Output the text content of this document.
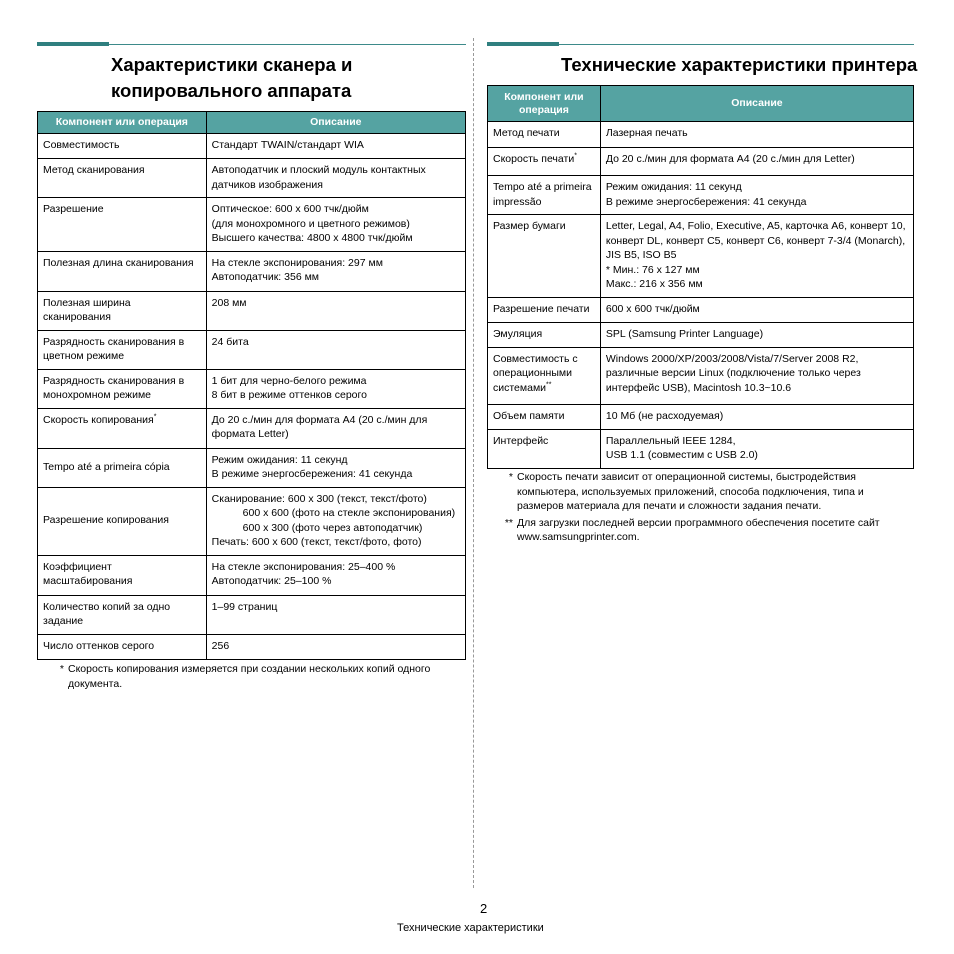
Характеристики сканера и копировального аппарата
Компонент или операция	Описание
Совместимость	Стандарт TWAIN/стандарт WIA

Метод сканирования	Автоподатчик и плоский модуль контактных датчиков изображения

Разрешение	Оптическое: 600 x 600 тчк/дюйм
(для монохромного и цветного режимов)
Высшего качества: 4800 x 4800 тчк/дюйм

Полезная длина сканирования	На стекле экспонирования: 297 мм
Автоподатчик: 356 мм

Полезная ширина сканирования	208 мм

Разрядность сканирования в цветном режиме	24 бита

Разрядность сканирования в монохромном режиме	1 бит для черно-белого режима
8 бит в режиме оттенков серого

Скорость копирования*	До 20 с./мин для формата A4 (20 с./мин для формата Letter)

Tempo até a primeira cópia	Режим ожидания: 11 секунд
В режиме энергосбережения: 41 секунда

Разрешение копирования	Сканирование: 600 x 300 (текст, текст/фото)
600 x 600 (фото на стекле экспонирования)
600 x 300 (фото через автоподатчик)
Печать: 600 x 600 (текст, текст/фото, фото)

Коэффициент масштабирования	На стекле экспонирования: 25–400 %
Автоподатчик: 25–100 %

Количество копий за одно задание	1–99 страниц

Число оттенков серого	256
* Скорость копирования измеряется при создании нескольких копий одного документа.
Технические характеристики принтера
Компонент или операция	Описание
Метод печати	Лазерная печать

Скорость печати*	До 20 с./мин для формата A4 (20 с./мин для Letter)

Tempo até a primeira impressão	Режим ожидания: 11 секунд
В режиме энергосбережения: 41 секунда

Размер бумаги	Letter, Legal, A4, Folio, Executive, A5, карточка A6, конверт 10, конверт DL, конверт C5, конверт C6, конверт 7-3/4 (Monarch), JIS B5, ISO B5
* Мин.: 76 x 127 мм
Макс.: 216 x 356 мм

Разрешение печати	600 x 600 тчк/дюйм

Эмуляция	SPL (Samsung Printer Language)

Совместимость с операционными системами**	Windows 2000/XP/2003/2008/Vista/7/Server 2008 R2, различные версии Linux (подключение только через интерфейс USB), Macintosh 10.3~10.6

Объем памяти	10 Мб (не расходуемая)

Интерфейс	Параллельный IEEE 1284,
USB 1.1 (совместим с USB 2.0)
* Скорость печати зависит от операционной системы, быстродействия компьютера, используемых приложений, способа подключения, типа и размеров материала для печати и сложности задания печати.
** Для загрузки последней версии программного обеспечения посетите сайт www.samsungprinter.com.
2
Технические характеристики
